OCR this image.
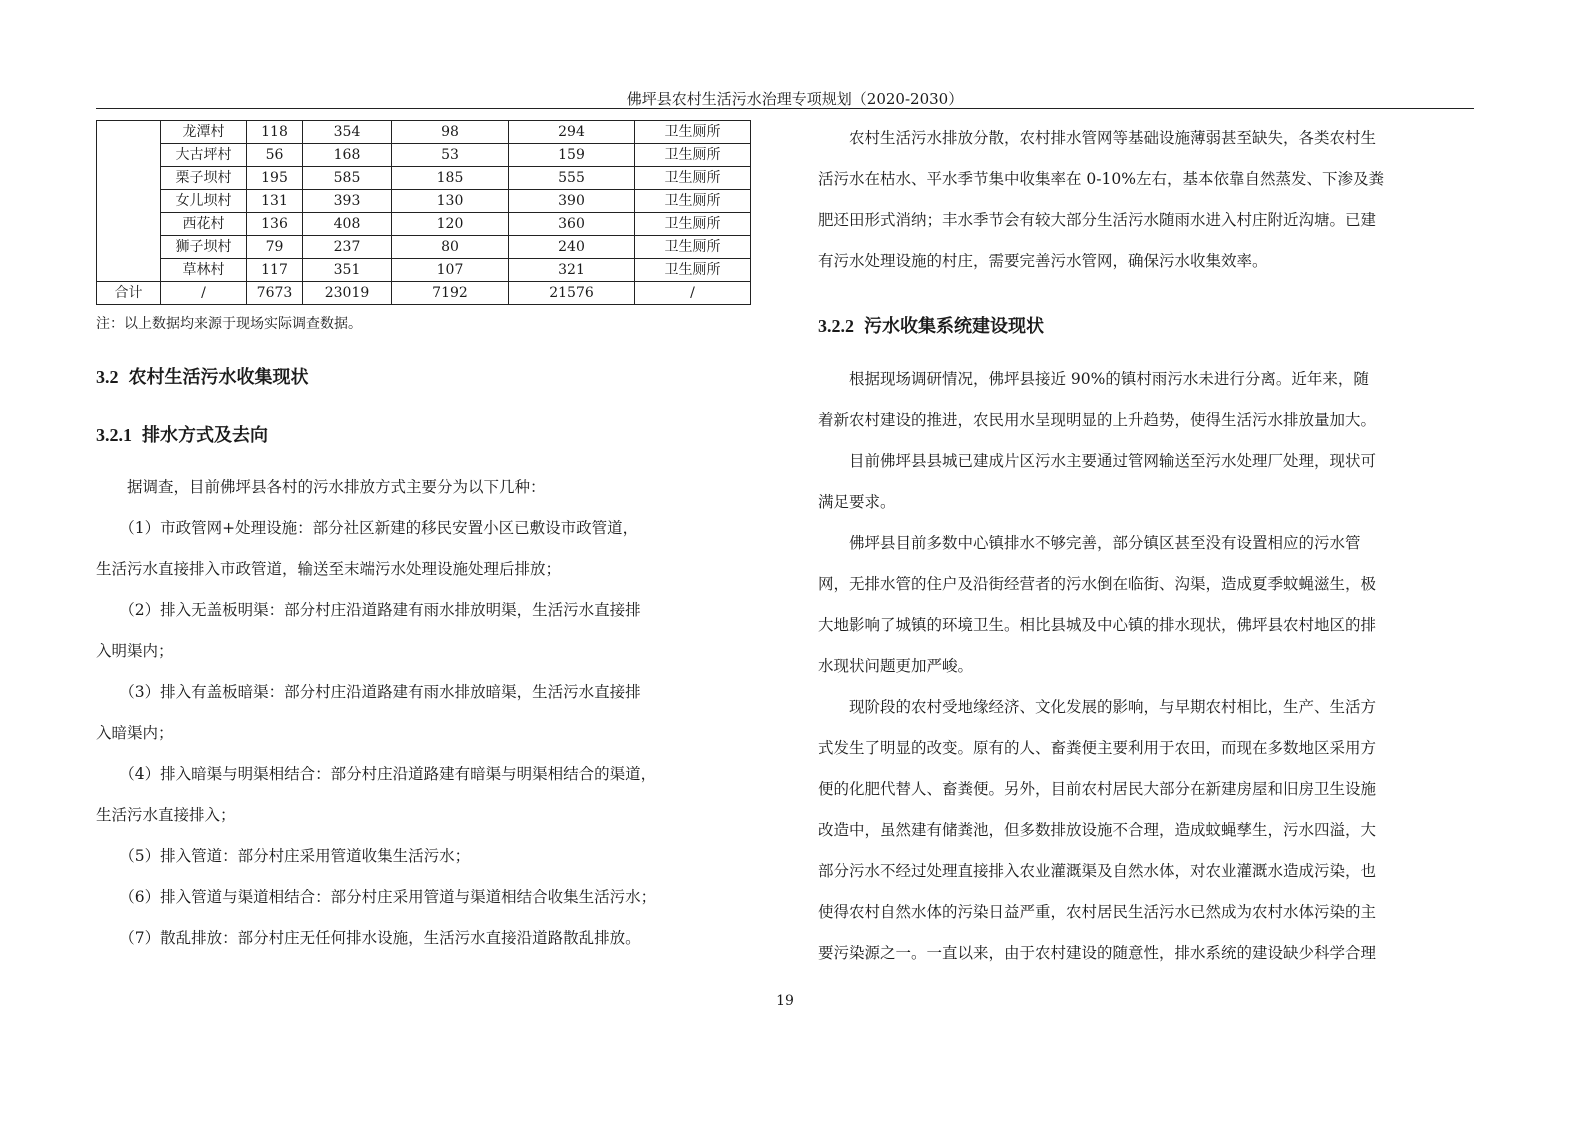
佛坪县农村生活污水治理专项规划（2020-2030）
	龙潭村	118	354	98	294	卫生厕所
	大古坪村	56	168	53	159	卫生厕所
	栗子坝村	195	585	185	555	卫生厕所
	女儿坝村	131	393	130	390	卫生厕所
	西花村	136	408	120	360	卫生厕所
	狮子坝村	79	237	80	240	卫生厕所
	草林村	117	351	107	321	卫生厕所
合计	/	7673	23019	7192	21576	/
注：以上数据均来源于现场实际调查数据。
3.2 农村生活污水收集现状
3.2.1 排水方式及去向
　　据调查，目前佛坪县各村的污水排放方式主要分为以下几种：
　　（1）市政管网+处理设施：部分社区新建的移民安置小区已敷设市政管道，
生活污水直接排入市政管道，输送至末端污水处理设施处理后排放；
　　（2）排入无盖板明渠：部分村庄沿道路建有雨水排放明渠，生活污水直接排
入明渠内；
　　（3）排入有盖板暗渠：部分村庄沿道路建有雨水排放暗渠，生活污水直接排
入暗渠内；
　　（4）排入暗渠与明渠相结合：部分村庄沿道路建有暗渠与明渠相结合的渠道，
生活污水直接排入；
　　（5）排入管道：部分村庄采用管道收集生活污水；
　　（6）排入管道与渠道相结合：部分村庄采用管道与渠道相结合收集生活污水；
　　（7）散乱排放：部分村庄无任何排水设施，生活污水直接沿道路散乱排放。
　　农村生活污水排放分散，农村排水管网等基础设施薄弱甚至缺失，各类农村生
活污水在枯水、平水季节集中收集率在 0-10%左右，基本依靠自然蒸发、下渗及粪
肥还田形式消纳；丰水季节会有较大部分生活污水随雨水进入村庄附近沟塘。已建
有污水处理设施的村庄，需要完善污水管网，确保污水收集效率。
3.2.2 污水收集系统建设现状
　　根据现场调研情况，佛坪县接近 90%的镇村雨污水未进行分离。近年来，随
着新农村建设的推进，农民用水呈现明显的上升趋势，使得生活污水排放量加大。
　　目前佛坪县县城已建成片区污水主要通过管网输送至污水处理厂处理，现状可
满足要求。
　　佛坪县目前多数中心镇排水不够完善，部分镇区甚至没有设置相应的污水管
网，无排水管的住户及沿街经营者的污水倒在临街、沟渠，造成夏季蚊蝇滋生，极
大地影响了城镇的环境卫生。相比县城及中心镇的排水现状，佛坪县农村地区的排
水现状问题更加严峻。
　　现阶段的农村受地缘经济、文化发展的影响，与早期农村相比，生产、生活方
式发生了明显的改变。原有的人、畜粪便主要利用于农田，而现在多数地区采用方
便的化肥代替人、畜粪便。另外，目前农村居民大部分在新建房屋和旧房卫生设施
改造中，虽然建有储粪池，但多数排放设施不合理，造成蚊蝇孳生，污水四溢，大
部分污水不经过处理直接排入农业灌溉渠及自然水体，对农业灌溉水造成污染，也
使得农村自然水体的污染日益严重，农村居民生活污水已然成为农村水体污染的主
要污染源之一。一直以来，由于农村建设的随意性，排水系统的建设缺少科学合理
19
